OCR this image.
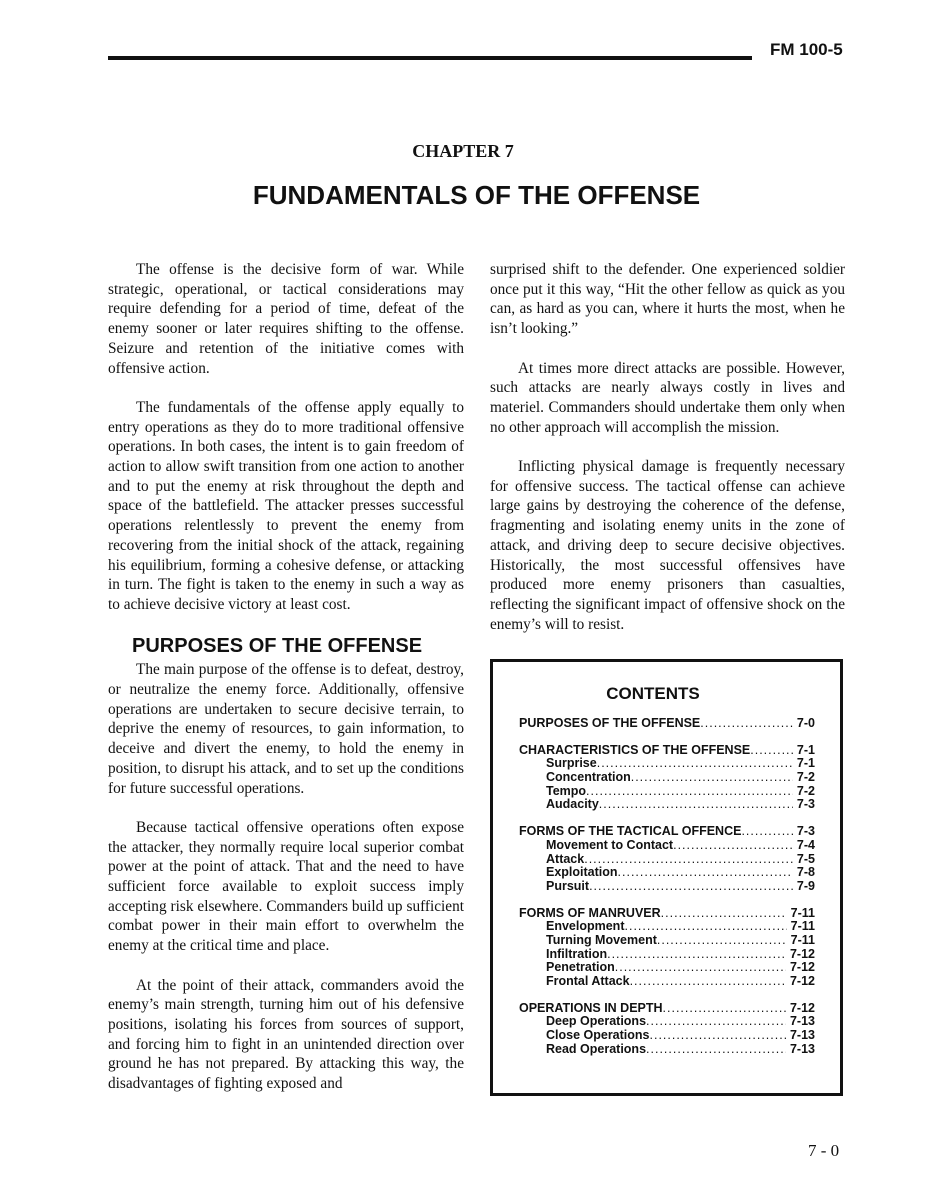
FM 100-5
CHAPTER 7
FUNDAMENTALS OF THE OFFENSE

The offense is the decisive form of war. While strategic, operational, or tactical considerations may require defending for a period of time, defeat of the enemy sooner or later requires shifting to the offense. Seizure and retention of the initiative comes with offensive action.

The fundamentals of the offense apply equally to entry operations as they do to more traditional offensive operations. In both cases, the intent is to gain freedom of action to allow swift transition from one action to another and to put the enemy at risk throughout the depth and space of the battlefield. The attacker presses successful operations relentlessly to prevent the enemy from recovering from the initial shock of the attack, regaining his equilibrium, forming a cohesive defense, or attacking in turn. The fight is taken to the enemy in such a way as to achieve decisive victory at least cost.

PURPOSES OF THE OFFENSE

The main purpose of the offense is to defeat, destroy, or neutralize the enemy force. Additionally, offensive operations are undertaken to secure decisive terrain, to deprive the enemy of resources, to gain information, to deceive and divert the enemy, to hold the enemy in position, to disrupt his attack, and to set up the conditions for future successful operations.

Because tactical offensive operations often expose the attacker, they normally require local superior combat power at the point of attack. That and the need to have sufficient force available to exploit success imply accepting risk elsewhere. Commanders build up sufficient combat power in their main effort to overwhelm the enemy at the critical time and place.

At the point of their attack, commanders avoid the enemy’s main strength, turning him out of his defensive positions, isolating his forces from sources of support, and forcing him to fight in an unintended direction over ground he has not prepared. By attacking this way, the disadvantages of fighting exposed and

surprised shift to the defender. One experienced soldier once put it this way, “Hit the other fellow as quick as you can, as hard as you can, where it hurts the most, when he isn’t looking.”

At times more direct attacks are possible. However, such attacks are nearly always costly in lives and materiel. Commanders should undertake them only when no other approach will accomplish the mission.

Inflicting physical damage is frequently necessary for offensive success. The tactical offense can achieve large gains by destroying the coherence of the defense, fragmenting and isolating enemy units in the zone of attack, and driving deep to secure decisive objectives. Historically, the most successful offensives have produced more enemy prisoners than casualties, reflecting the significant impact of offensive shock on the enemy’s will to resist.

CONTENTS
PURPOSES OF THE OFFENSE .....	7-0
CHARACTERISTICS OF THE OFFENSE .....	7-1
Surprise .....	7-1
Concentration .....	7-2
Tempo .....	7-2
Audacity .....	7-3
FORMS OF THE TACTICAL OFFENCE .....	7-3
Movement to Contact .....	7-4
Attack .....	7-5
Exploitation .....	7-8
Pursuit .....	7-9
FORMS OF MANRUVER .....	7-11
Envelopment .....	7-11
Turning Movement .....	7-11
Infiltration .....	7-12
Penetration .....	7-12
Frontal Attack .....	7-12
OPERATIONS IN DEPTH .....	7-12
Deep Operations .....	7-13
Close Operations .....	7-13
Read Operations .....	7-13
7 - 0
